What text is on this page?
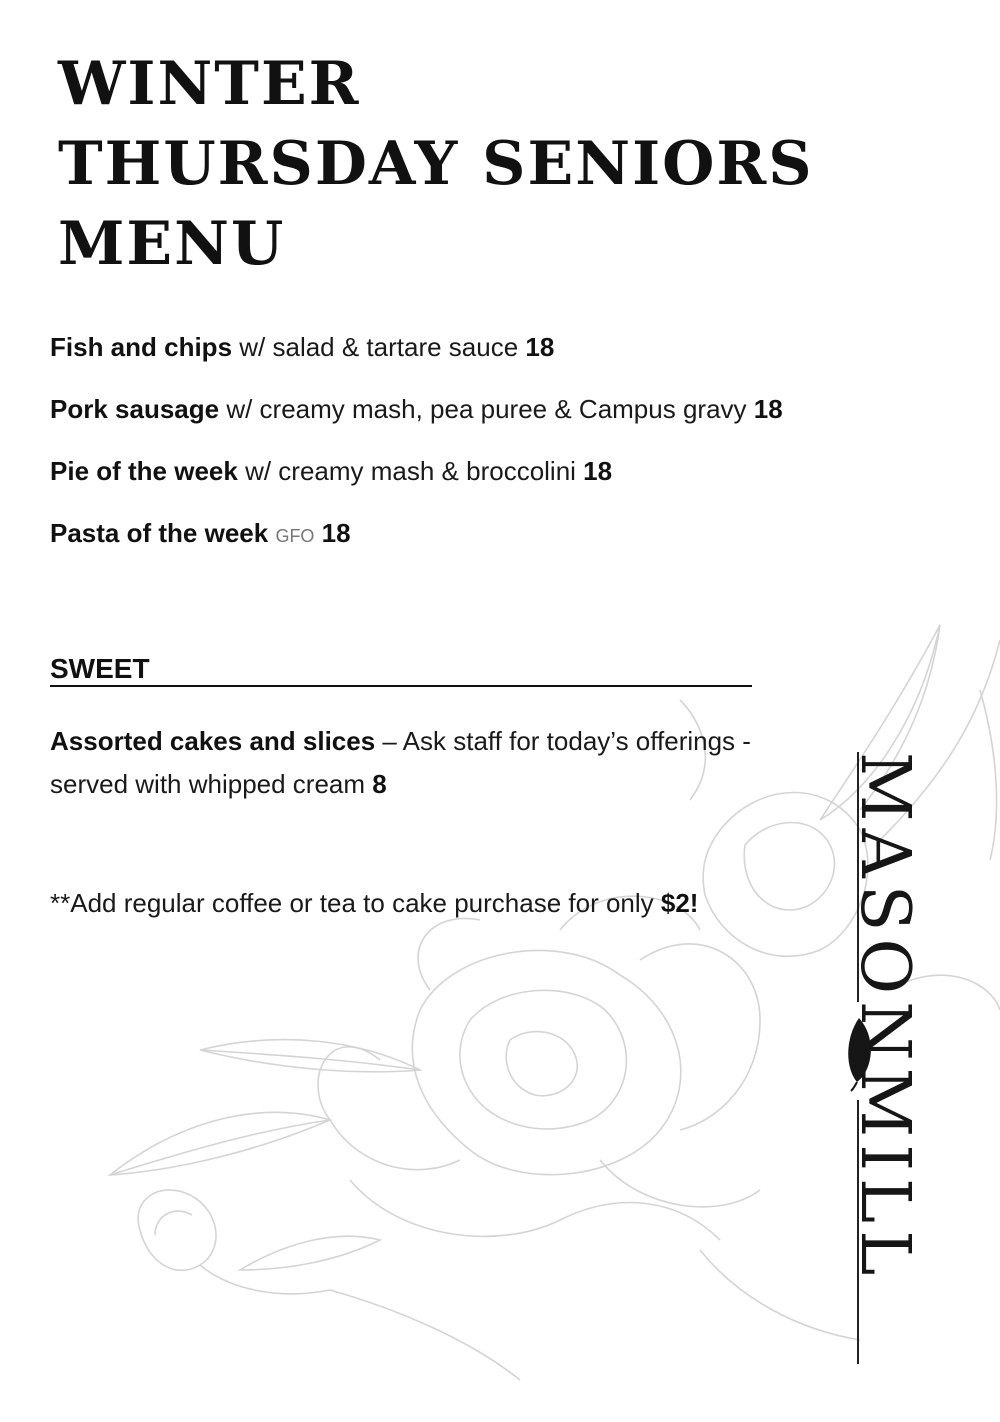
WINTER
THURSDAY SENIORS
MENU
Fish and chips w/ salad & tartare sauce 18
Pork sausage w/ creamy mash, pea puree & Campus gravy 18
Pie of the week w/ creamy mash & broccolini 18
Pasta of the week GFO 18
SWEET
Assorted cakes and slices – Ask staff for today’s offerings - served with whipped cream 8
**Add regular coffee or tea to cake purchase for only $2! MASONMILL
